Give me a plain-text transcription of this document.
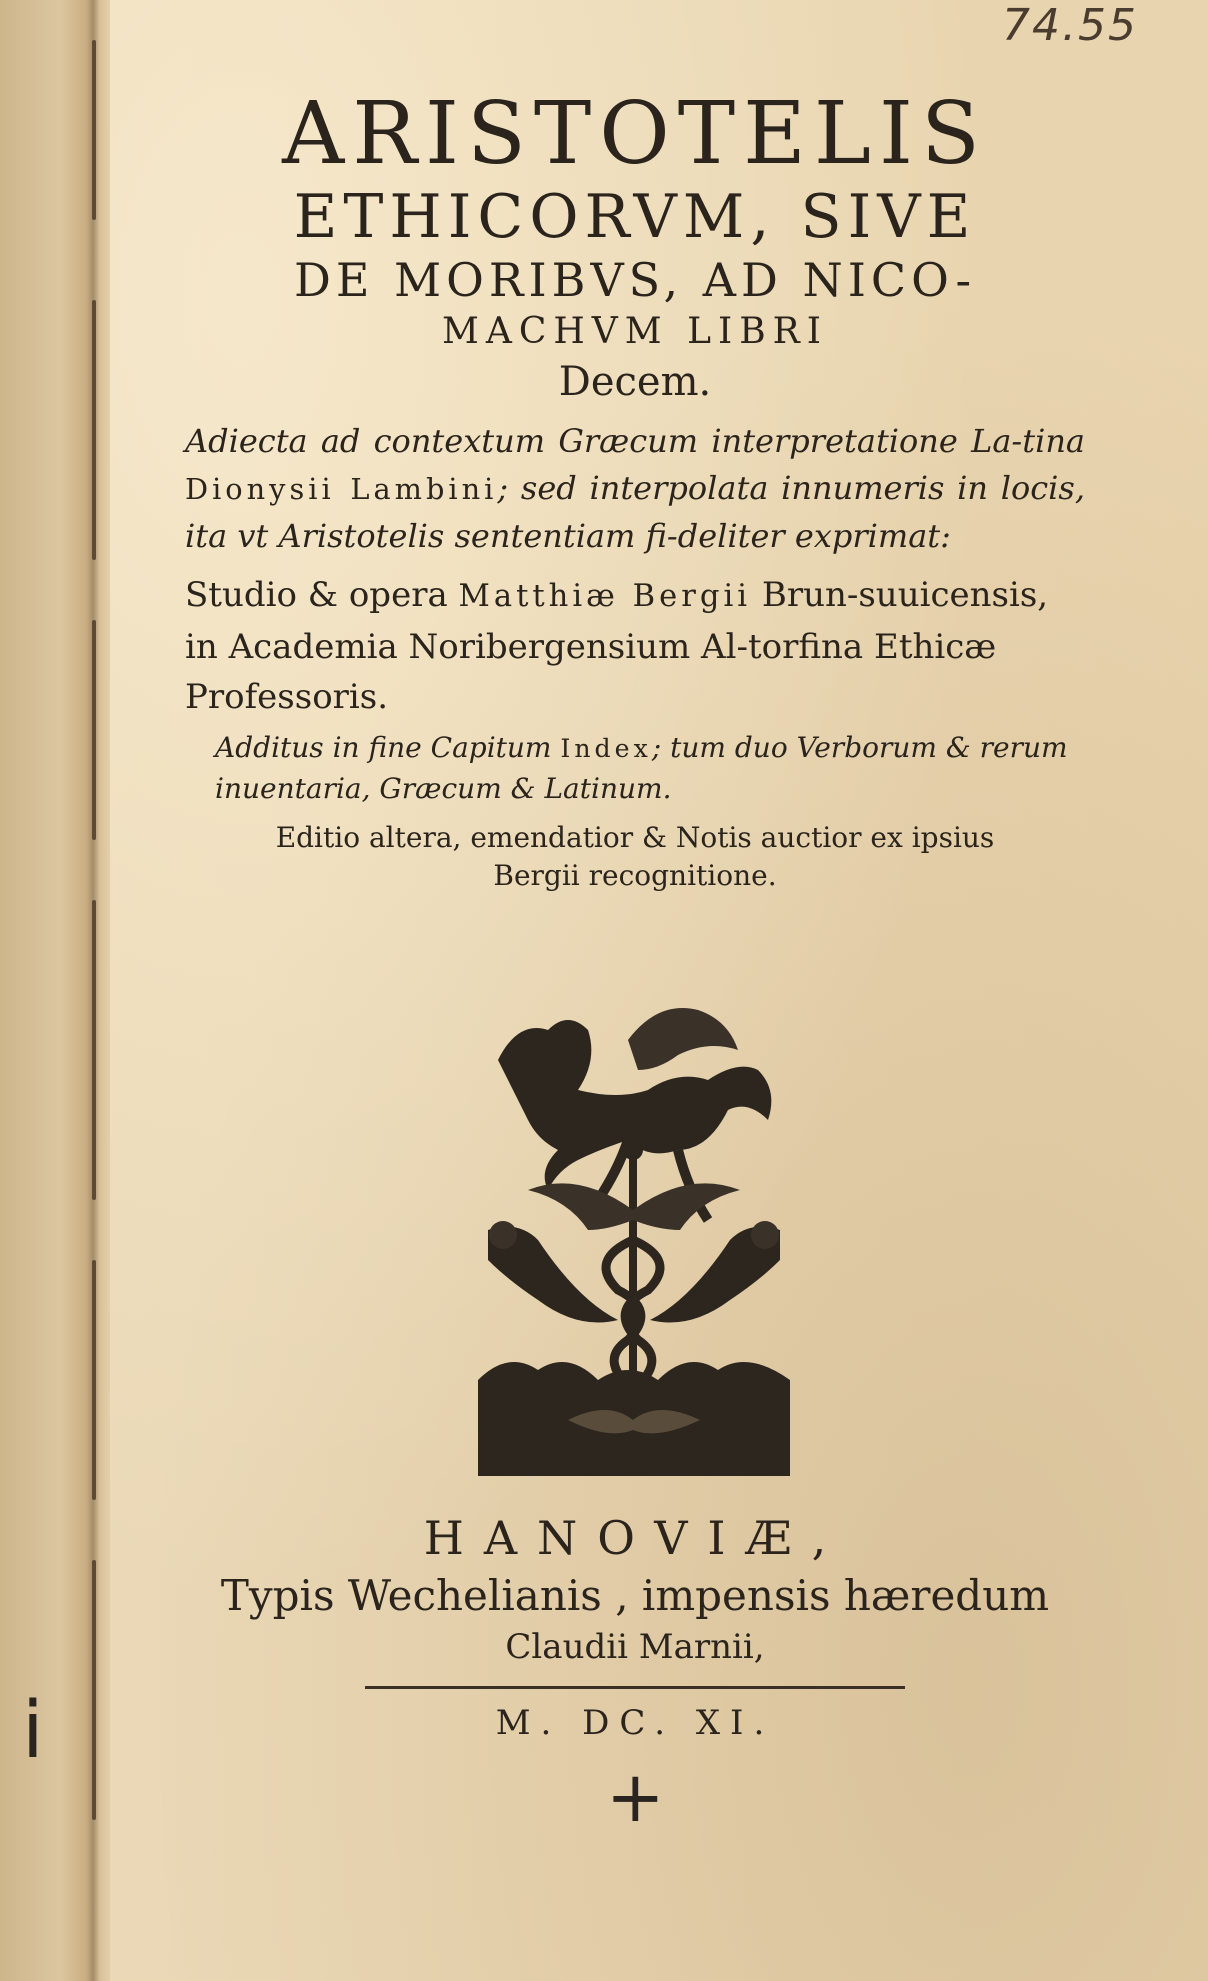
74.55

ARISTOTELIS

ETHICORVM, SIVE

DE MORIBVS, AD NICO-

MACHVM LIBRI

Decem.

Adiecta ad contextum Græcum interpretatione La-tina Dionysii Lambini; sed interpolata innumeris in locis, ita vt Aristotelis sententiam fi-deliter exprimat:

Studio & opera Matthiæ Bergii Brun-suuicensis, in Academia Noribergensium Al-torfina Ethicæ Professoris.

Additus in fine Capitum Index; tum duo Verborum & rerum inuentaria, Græcum & Latinum.

Editio altera, emendatior & Notis auctior ex ipsius

Bergii recognitione.

HANOVIÆ,

Typis Wechelianis , impensis hæredum

Claudii Marnii,

M. DC. XI.

+
i
